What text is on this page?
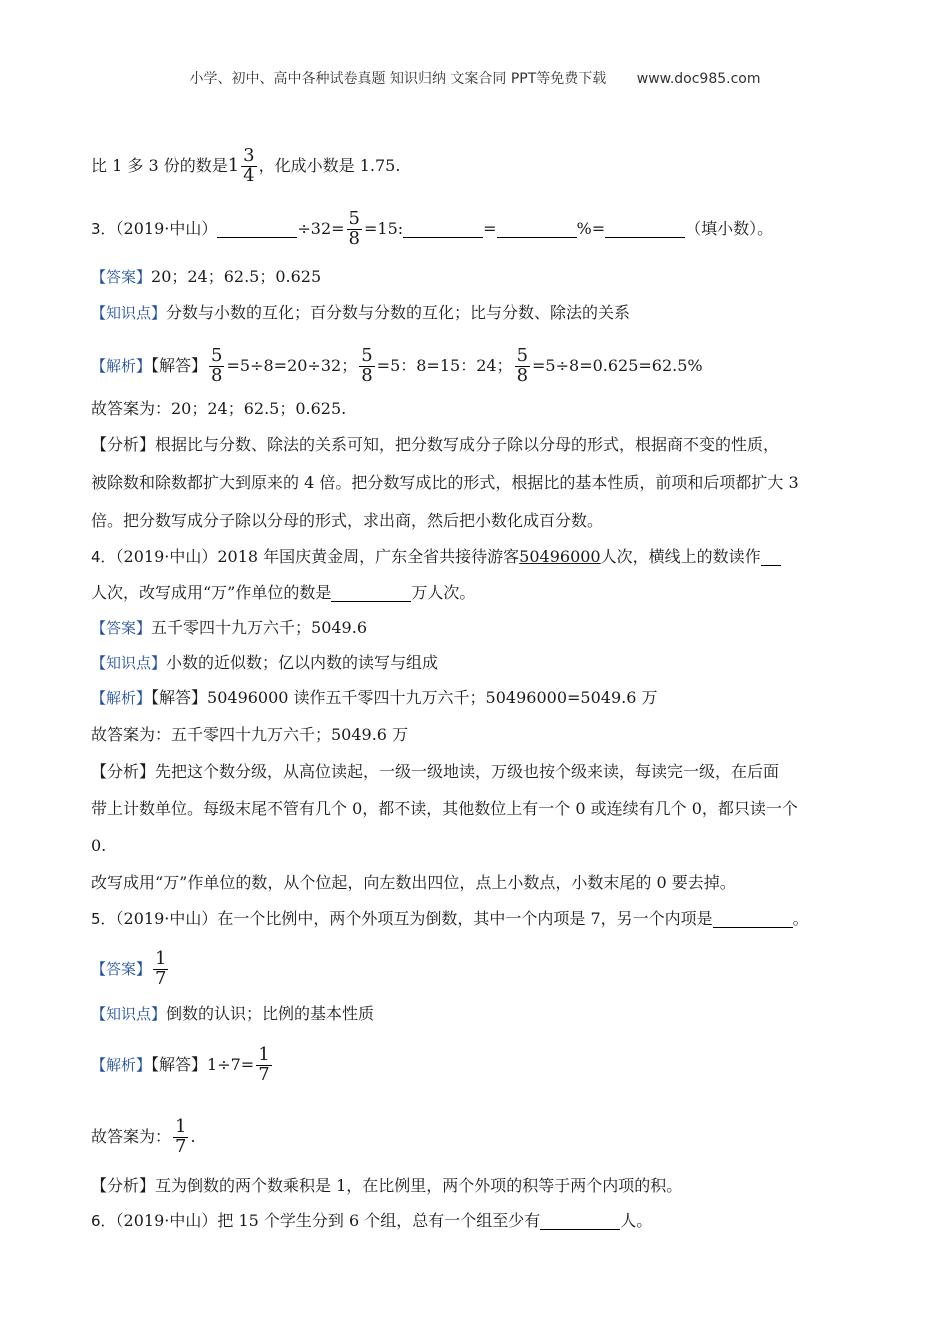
小学、初中、高中各种试卷真题 知识归纳 文案合同 PPT等免费下载 www.doc985.com
比 1 多 3 份的数是$1 \frac{3}{4}$ ，化成小数是 1.75.
3．（2019·中山）	$\div 32= \frac{5}{8} =15$:	=	%=	（填小数）。
【答案】20；24；62.5；0.625
【知识点】分数与小数的互化；百分数与分数的互化；比与分数、除法的关系
【解析】【解答】 $\frac{5}{8} =5\div 8=20\div 32$； $\frac{5}{8} =5$：8=15：24； $\frac{5}{8} =5\div 8=0.625=62.5\%$
故答案为：20；24；62.5；0.625.
【分析】根据比与分数、除法的关系可知，把分数写成分子除以分母的形式，根据商不变的性质，
被除数和除数都扩大到原来的 4 倍。把分数写成比的形式，根据比的基本性质，前项和后项都扩大 3
倍。把分数写成分子除以分母的形式，求出商，然后把小数化成百分数。
4．（2019·中山）2018 年国庆黄金周，广东全省共接待游客50496000人次，横线上的数读作
人次，改写成用“万”作单位的数是	万人次。
【答案】五千零四十九万六千；5049.6
【知识点】小数的近似数；亿以内数的读写与组成
【解析】【解答】50496000 读作五千零四十九万六千；50496000=5049.6 万
故答案为：五千零四十九万六千；5049.6 万
【分析】先把这个数分级，从高位读起，一级一级地读，万级也按个级来读，每读完一级，在后面
带上计数单位。每级末尾不管有几个 0，都不读，其他数位上有一个 0 或连续有几个 0，都只读一个
0.
改写成用“万”作单位的数，从个位起，向左数出四位，点上小数点，小数末尾的 0 要去掉。
5．（2019·中山）在一个比例中，两个外项互为倒数，其中一个内项是 7，另一个内项是	。
【答案】 $\frac{1}{7}$
【知识点】倒数的认识；比例的基本性质
【解析】【解答】$1\div 7= \frac{1}{7}$
故答案为： $\frac{1}{7}$ .
【分析】互为倒数的两个数乘积是 1，在比例里，两个外项的积等于两个内项的积。
6．（2019·中山）把 15 个学生分到 6 个组，总有一个组至少有	人。
